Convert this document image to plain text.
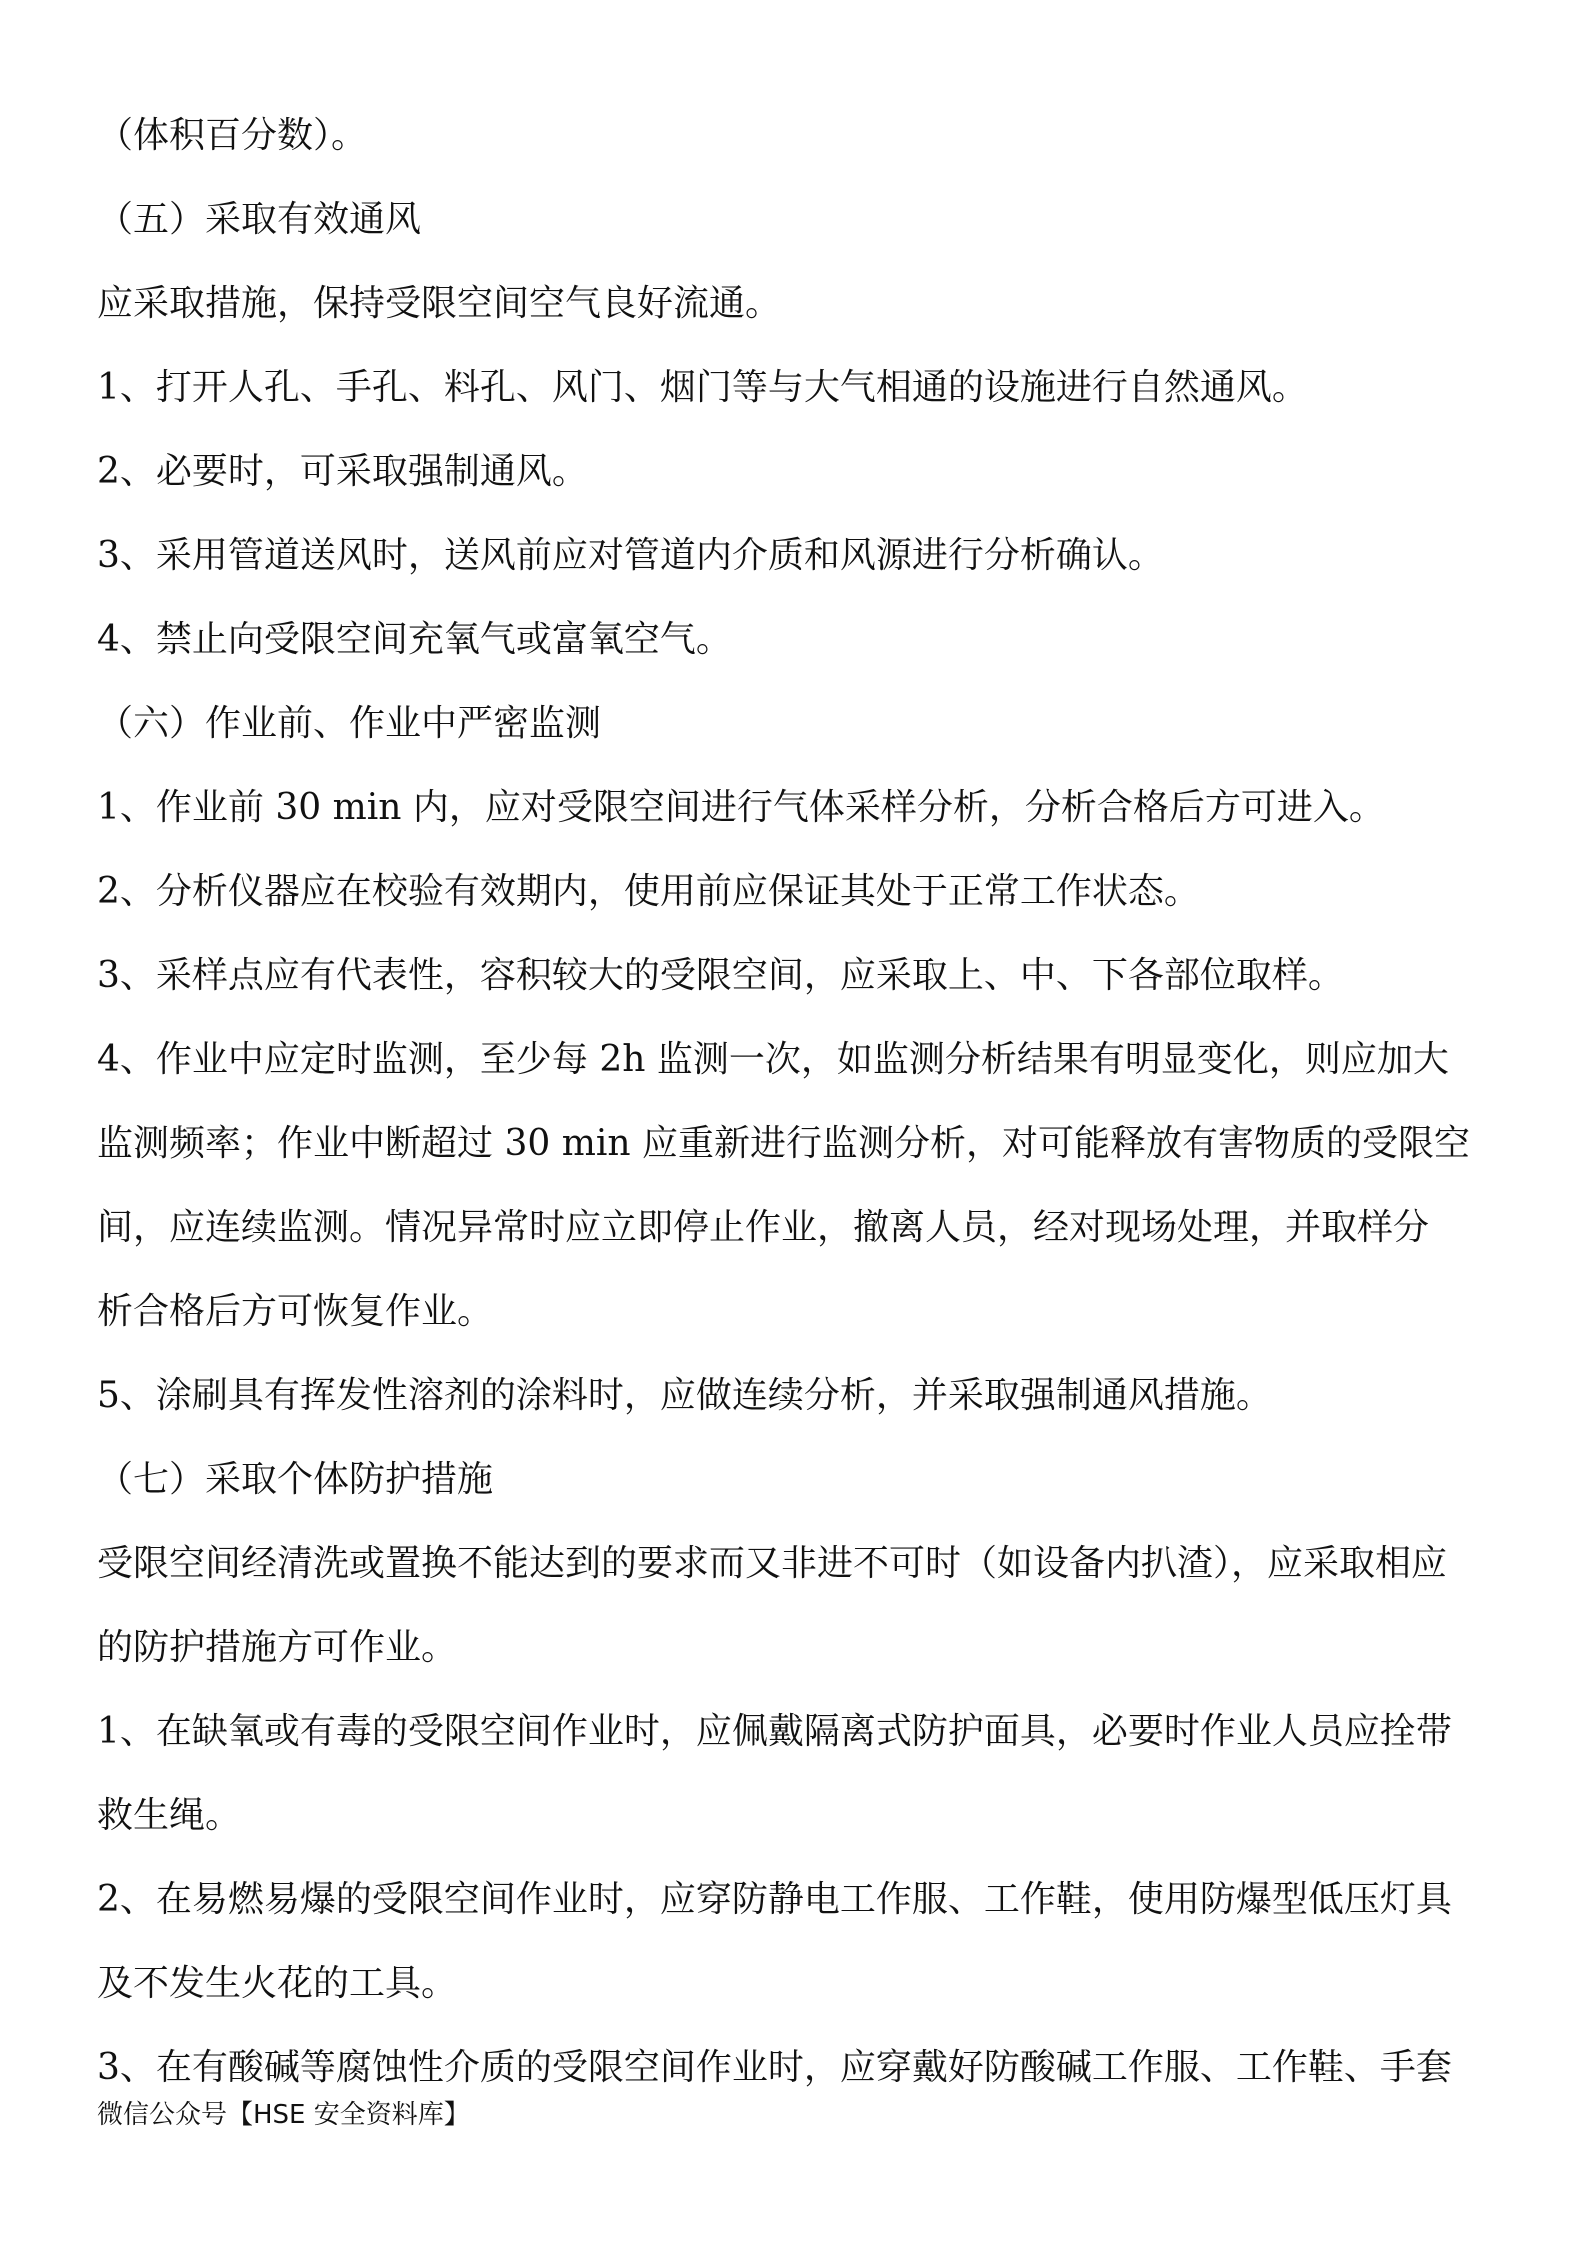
（体积百分数）。
（五）采取有效通风
应采取措施，保持受限空间空气良好流通。
1、打开人孔、手孔、料孔、风门、烟门等与大气相通的设施进行自然通风。
2、必要时，可采取强制通风。
3、采用管道送风时，送风前应对管道内介质和风源进行分析确认。
4、禁止向受限空间充氧气或富氧空气。
（六）作业前、作业中严密监测
1、作业前 30 min 内，应对受限空间进行气体采样分析，分析合格后方可进入。
2、分析仪器应在校验有效期内，使用前应保证其处于正常工作状态。
3、采样点应有代表性，容积较大的受限空间，应采取上、中、下各部位取样。
4、作业中应定时监测，至少每 2h 监测一次，如监测分析结果有明显变化，则应加大
监测频率；作业中断超过 30 min 应重新进行监测分析，对可能释放有害物质的受限空
间，应连续监测。情况异常时应立即停止作业，撤离人员，经对现场处理，并取样分
析合格后方可恢复作业。
5、涂刷具有挥发性溶剂的涂料时，应做连续分析，并采取强制通风措施。
（七）采取个体防护措施
受限空间经清洗或置换不能达到的要求而又非进不可时（如设备内扒渣），应采取相应
的防护措施方可作业。
1、在缺氧或有毒的受限空间作业时，应佩戴隔离式防护面具，必要时作业人员应拴带
救生绳。
2、在易燃易爆的受限空间作业时，应穿防静电工作服、工作鞋，使用防爆型低压灯具
及不发生火花的工具。
3、在有酸碱等腐蚀性介质的受限空间作业时，应穿戴好防酸碱工作服、工作鞋、手套
微信公众号【HSE 安全资料库】
